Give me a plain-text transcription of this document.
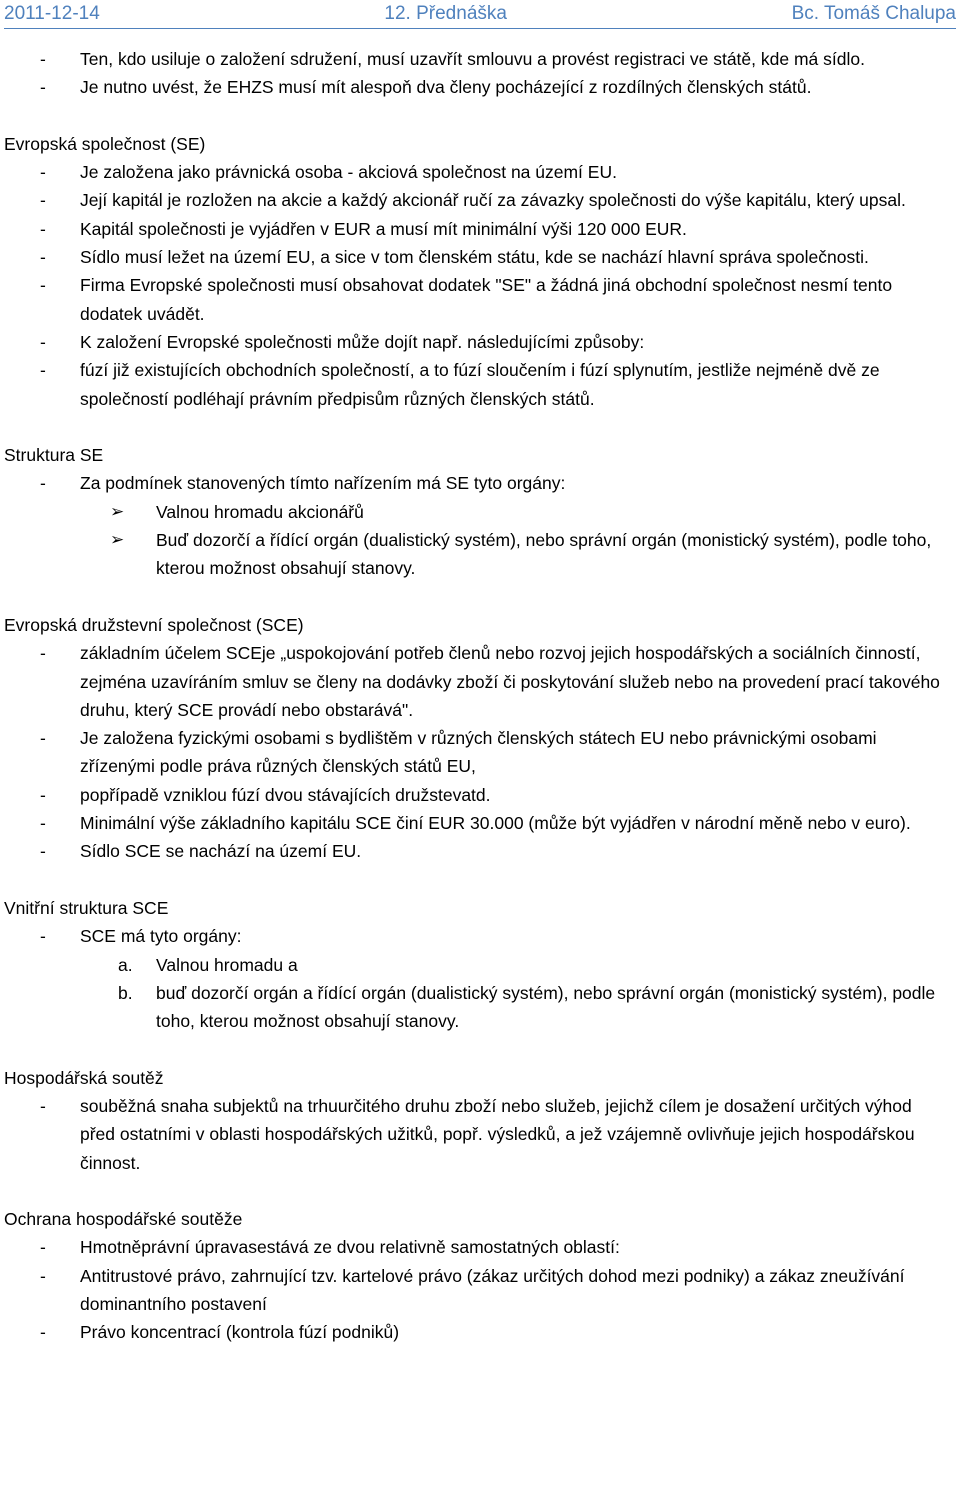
2011-12-14	12. Přednáška	Bc. Tomáš Chalupa
-	Ten, kdo usiluje o založení sdružení, musí uzavřít smlouvu a provést registraci ve státě, kde má sídlo.
-	Je nutno uvést, že EHZS musí mít alespoň dva členy pocházející z rozdílných členských států.

Evropská společnost (SE)

-	Je založena jako právnická osoba - akciová společnost na území EU.
-	Její kapitál je rozložen na akcie a každý akcionář ručí za závazky společnosti do výše kapitálu, který upsal.
-	Kapitál společnosti je vyjádřen v EUR a musí mít minimální výši 120 000 EUR.
-	Sídlo musí ležet na území EU, a sice v tom členském státu, kde se nachází hlavní správa společnosti.
-	Firma Evropské společnosti musí obsahovat dodatek "SE" a žádná jiná obchodní společnost nesmí tento dodatek uvádět.
-	K založení Evropské společnosti může dojít např. následujícími způsoby:
-	fúzí již existujících obchodních společností, a to fúzí sloučením i fúzí splynutím, jestliže nejméně dvě ze společností podléhají právním předpisům různých členských států.

Struktura SE

-	Za podmínek stanovených tímto nařízením má SE tyto orgány:
➢	Valnou hromadu akcionářů
➢	Buď dozorčí a řídící orgán (dualistický systém), nebo správní orgán (monistický systém), podle toho, kterou možnost obsahují stanovy.

Evropská družstevní společnost (SCE)

-	základním účelem SCEje „uspokojování potřeb členů nebo rozvoj jejich hospodářských a sociálních činností, zejména uzavíráním smluv se členy na dodávky zboží či poskytování služeb nebo na provedení prací takového druhu, který SCE provádí nebo obstarává".
-	Je založena fyzickými osobami s bydlištěm v různých členských státech EU nebo právnickými osobami zřízenými podle práva různých členských států EU,
-	popřípadě vzniklou fúzí dvou stávajících družstevatd.
-	Minimální výše základního kapitálu SCE činí EUR 30.000 (může být vyjádřen v národní měně nebo v euro).
-	Sídlo SCE se nachází na území EU.

Vnitřní struktura SCE

-	SCE má tyto orgány:
a.	Valnou hromadu a
b.	buď dozorčí orgán a řídící orgán (dualistický systém), nebo správní orgán (monistický systém), podle toho, kterou možnost obsahují stanovy.

Hospodářská soutěž

-	souběžná snaha subjektů na trhuurčitého druhu zboží nebo služeb, jejichž cílem je dosažení určitých výhod před ostatními v oblasti hospodářských užitků, popř. výsledků, a jež vzájemně ovlivňuje jejich hospodářskou činnost.

Ochrana hospodářské soutěže

-	Hmotněprávní úpravasestává ze dvou relativně samostatných oblastí:
-	Antitrustové právo, zahrnující tzv. kartelové právo (zákaz určitých dohod mezi podniky) a zákaz zneužívání dominantního postavení
-	Právo koncentrací (kontrola fúzí podniků)
